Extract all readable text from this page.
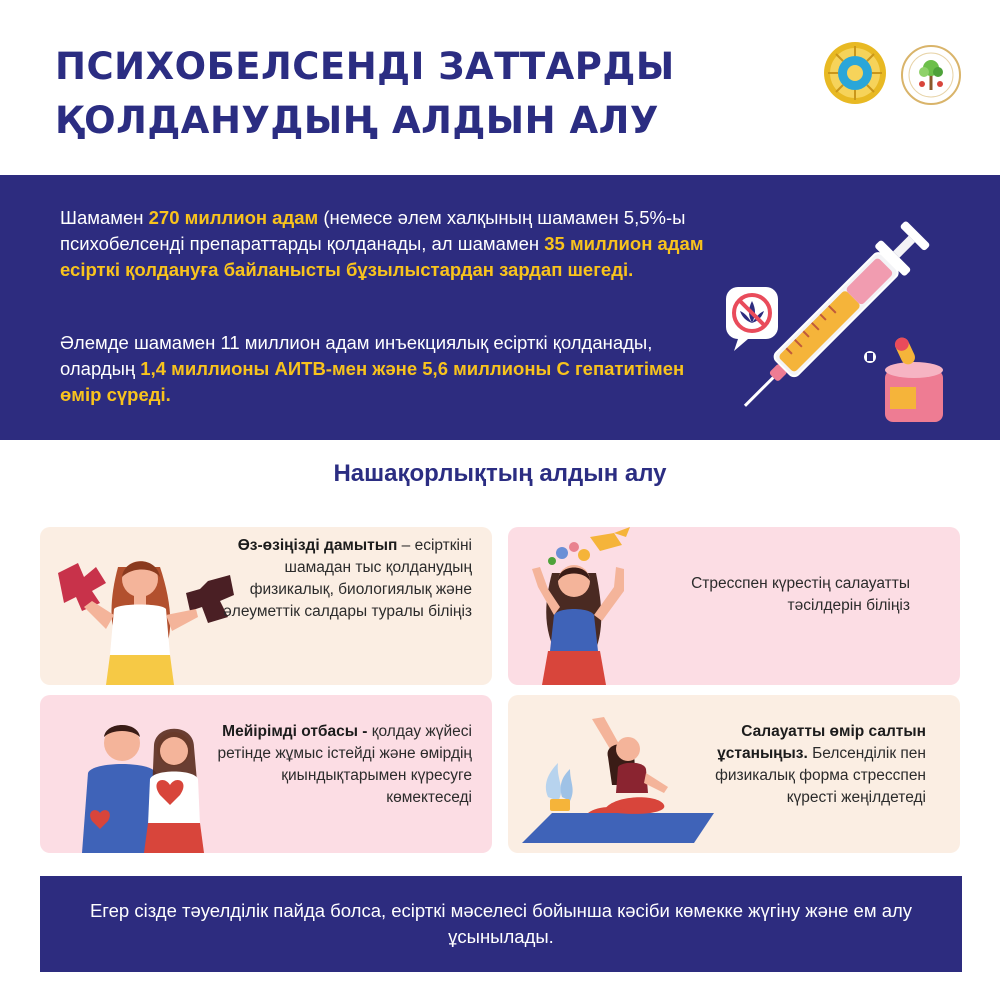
ПСИХОБЕЛСЕНДІ ЗАТТАРДЫ
ҚОЛДАНУДЫҢ АЛДЫН АЛУ

Шамамен 270 миллион адам (немесе әлем халқының шамамен 5,5%-ы психобелсенді препараттарды қолданады, ал шамамен 35 миллион адам есірткі қолдануға байланысты бұзылыстардан зардап шегеді.

Әлемде шамамен 11 миллион адам инъекциялық есірткі қолданады, олардың 1,4 миллионы АИТВ-мен және 5,6 миллионы С гепатитімен өмір сүреді.

Нашақорлықтың алдын алу

Өз-өзіңізді дамытып – есірткіні шамадан тыс қолданудың физикалық, биологиялық және әлеуметтік салдары туралы біліңіз

Стресспен күрестің салауатты тәсілдерін біліңіз

Мейірімді отбасы - қолдау жүйесі ретінде жұмыс істейді және өмірдің қиындықтарымен күресуге көмектеседі

Салауатты өмір салтын ұстаныңыз. Белсенділік пен физикалық форма стресспен күресті жеңілдетеді

Егер сізде тәуелділік пайда болса, есірткі мәселесі бойынша кәсіби көмекке жүгіну және ем алу ұсынылады.
